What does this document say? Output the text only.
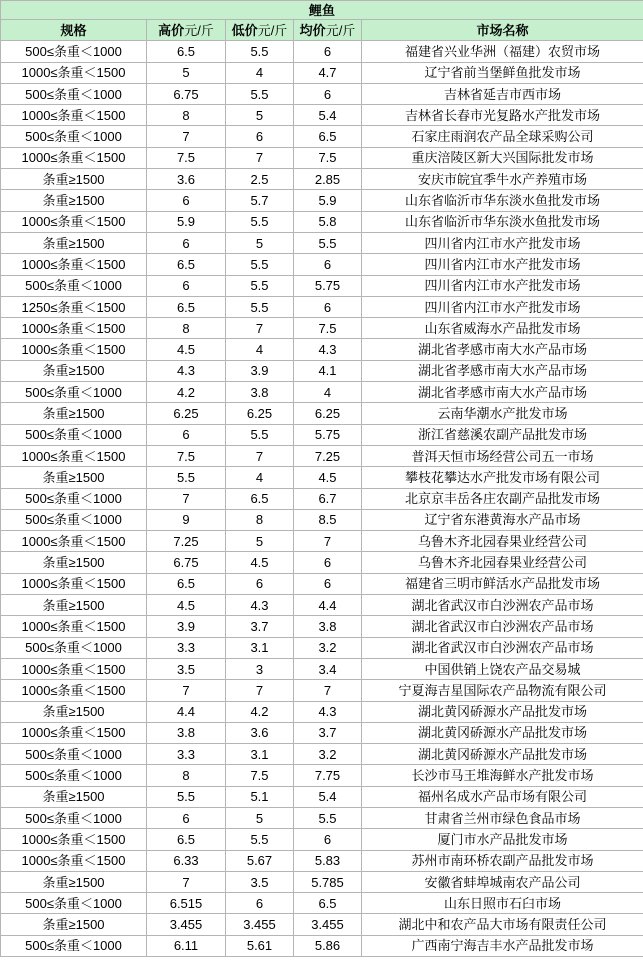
鲤鱼				
规格	高价元/斤	低价元/斤	均价元/斤	市场名称
500≤条重＜1000	6.5	5.5	6	福建省兴业华洲（福建）农贸市场
1000≤条重＜1500	5	4	4.7	辽宁省前当堡鲜鱼批发市场
500≤条重＜1000	6.75	5.5	6	吉林省延吉市西市场
1000≤条重＜1500	8	5	5.4	吉林省长春市光复路水产批发市场
500≤条重＜1000	7	6	6.5	石家庄雨润农产品全球采购公司
1000≤条重＜1500	7.5	7	7.5	重庆涪陵区新大兴国际批发市场
条重≥1500	3.6	2.5	2.85	安庆市皖宜季牛水产养殖市场
条重≥1500	6	5.7	5.9	山东省临沂市华东淡水鱼批发市场
1000≤条重＜1500	5.9	5.5	5.8	山东省临沂市华东淡水鱼批发市场
条重≥1500	6	5	5.5	四川省内江市水产批发市场
1000≤条重＜1500	6.5	5.5	6	四川省内江市水产批发市场
500≤条重＜1000	6	5.5	5.75	四川省内江市水产批发市场
1250≤条重＜1500	6.5	5.5	6	四川省内江市水产批发市场
1000≤条重＜1500	8	7	7.5	山东省威海水产品批发市场
1000≤条重＜1500	4.5	4	4.3	湖北省孝感市南大水产品市场
条重≥1500	4.3	3.9	4.1	湖北省孝感市南大水产品市场
500≤条重＜1000	4.2	3.8	4	湖北省孝感市南大水产品市场
条重≥1500	6.25	6.25	6.25	云南华潮水产批发市场
500≤条重＜1000	6	5.5	5.75	浙江省慈溪农副产品批发市场
1000≤条重＜1500	7.5	7	7.25	普洱天恒市场经营公司五一市场
条重≥1500	5.5	4	4.5	攀枝花攀达水产批发市场有限公司
500≤条重＜1000	7	6.5	6.7	北京京丰岳各庄农副产品批发市场
500≤条重＜1000	9	8	8.5	辽宁省东港黄海水产品市场
1000≤条重＜1500	7.25	5	7	乌鲁木齐北园春果业经营公司
条重≥1500	6.75	4.5	6	乌鲁木齐北园春果业经营公司
1000≤条重＜1500	6.5	6	6	福建省三明市鲜活水产品批发市场
条重≥1500	4.5	4.3	4.4	湖北省武汉市白沙洲农产品市场
1000≤条重＜1500	3.9	3.7	3.8	湖北省武汉市白沙洲农产品市场
500≤条重＜1000	3.3	3.1	3.2	湖北省武汉市白沙洲农产品市场
1000≤条重＜1500	3.5	3	3.4	中国供销上饶农产品交易城
1000≤条重＜1500	7	7	7	宁夏海吉星国际农产品物流有限公司
条重≥1500	4.4	4.2	4.3	湖北黄冈硚源水产品批发市场
1000≤条重＜1500	3.8	3.6	3.7	湖北黄冈硚源水产品批发市场
500≤条重＜1000	3.3	3.1	3.2	湖北黄冈硚源水产品批发市场
500≤条重＜1000	8	7.5	7.75	长沙市马王堆海鲜水产批发市场
条重≥1500	5.5	5.1	5.4	福州名成水产品市场有限公司
500≤条重＜1000	6	5	5.5	甘肃省兰州市绿色食品市场
1000≤条重＜1500	6.5	5.5	6	厦门市水产品批发市场
1000≤条重＜1500	6.33	5.67	5.83	苏州市南环桥农副产品批发市场
条重≥1500	7	3.5	5.785	安徽省蚌埠城南农产品公司
500≤条重＜1000	6.515	6	6.5	山东日照市石臼市场
条重≥1500	3.455	3.455	3.455	湖北中和农产品大市场有限责任公司
500≤条重＜1000	6.11	5.61	5.86	广西南宁海吉丰水产品批发市场
